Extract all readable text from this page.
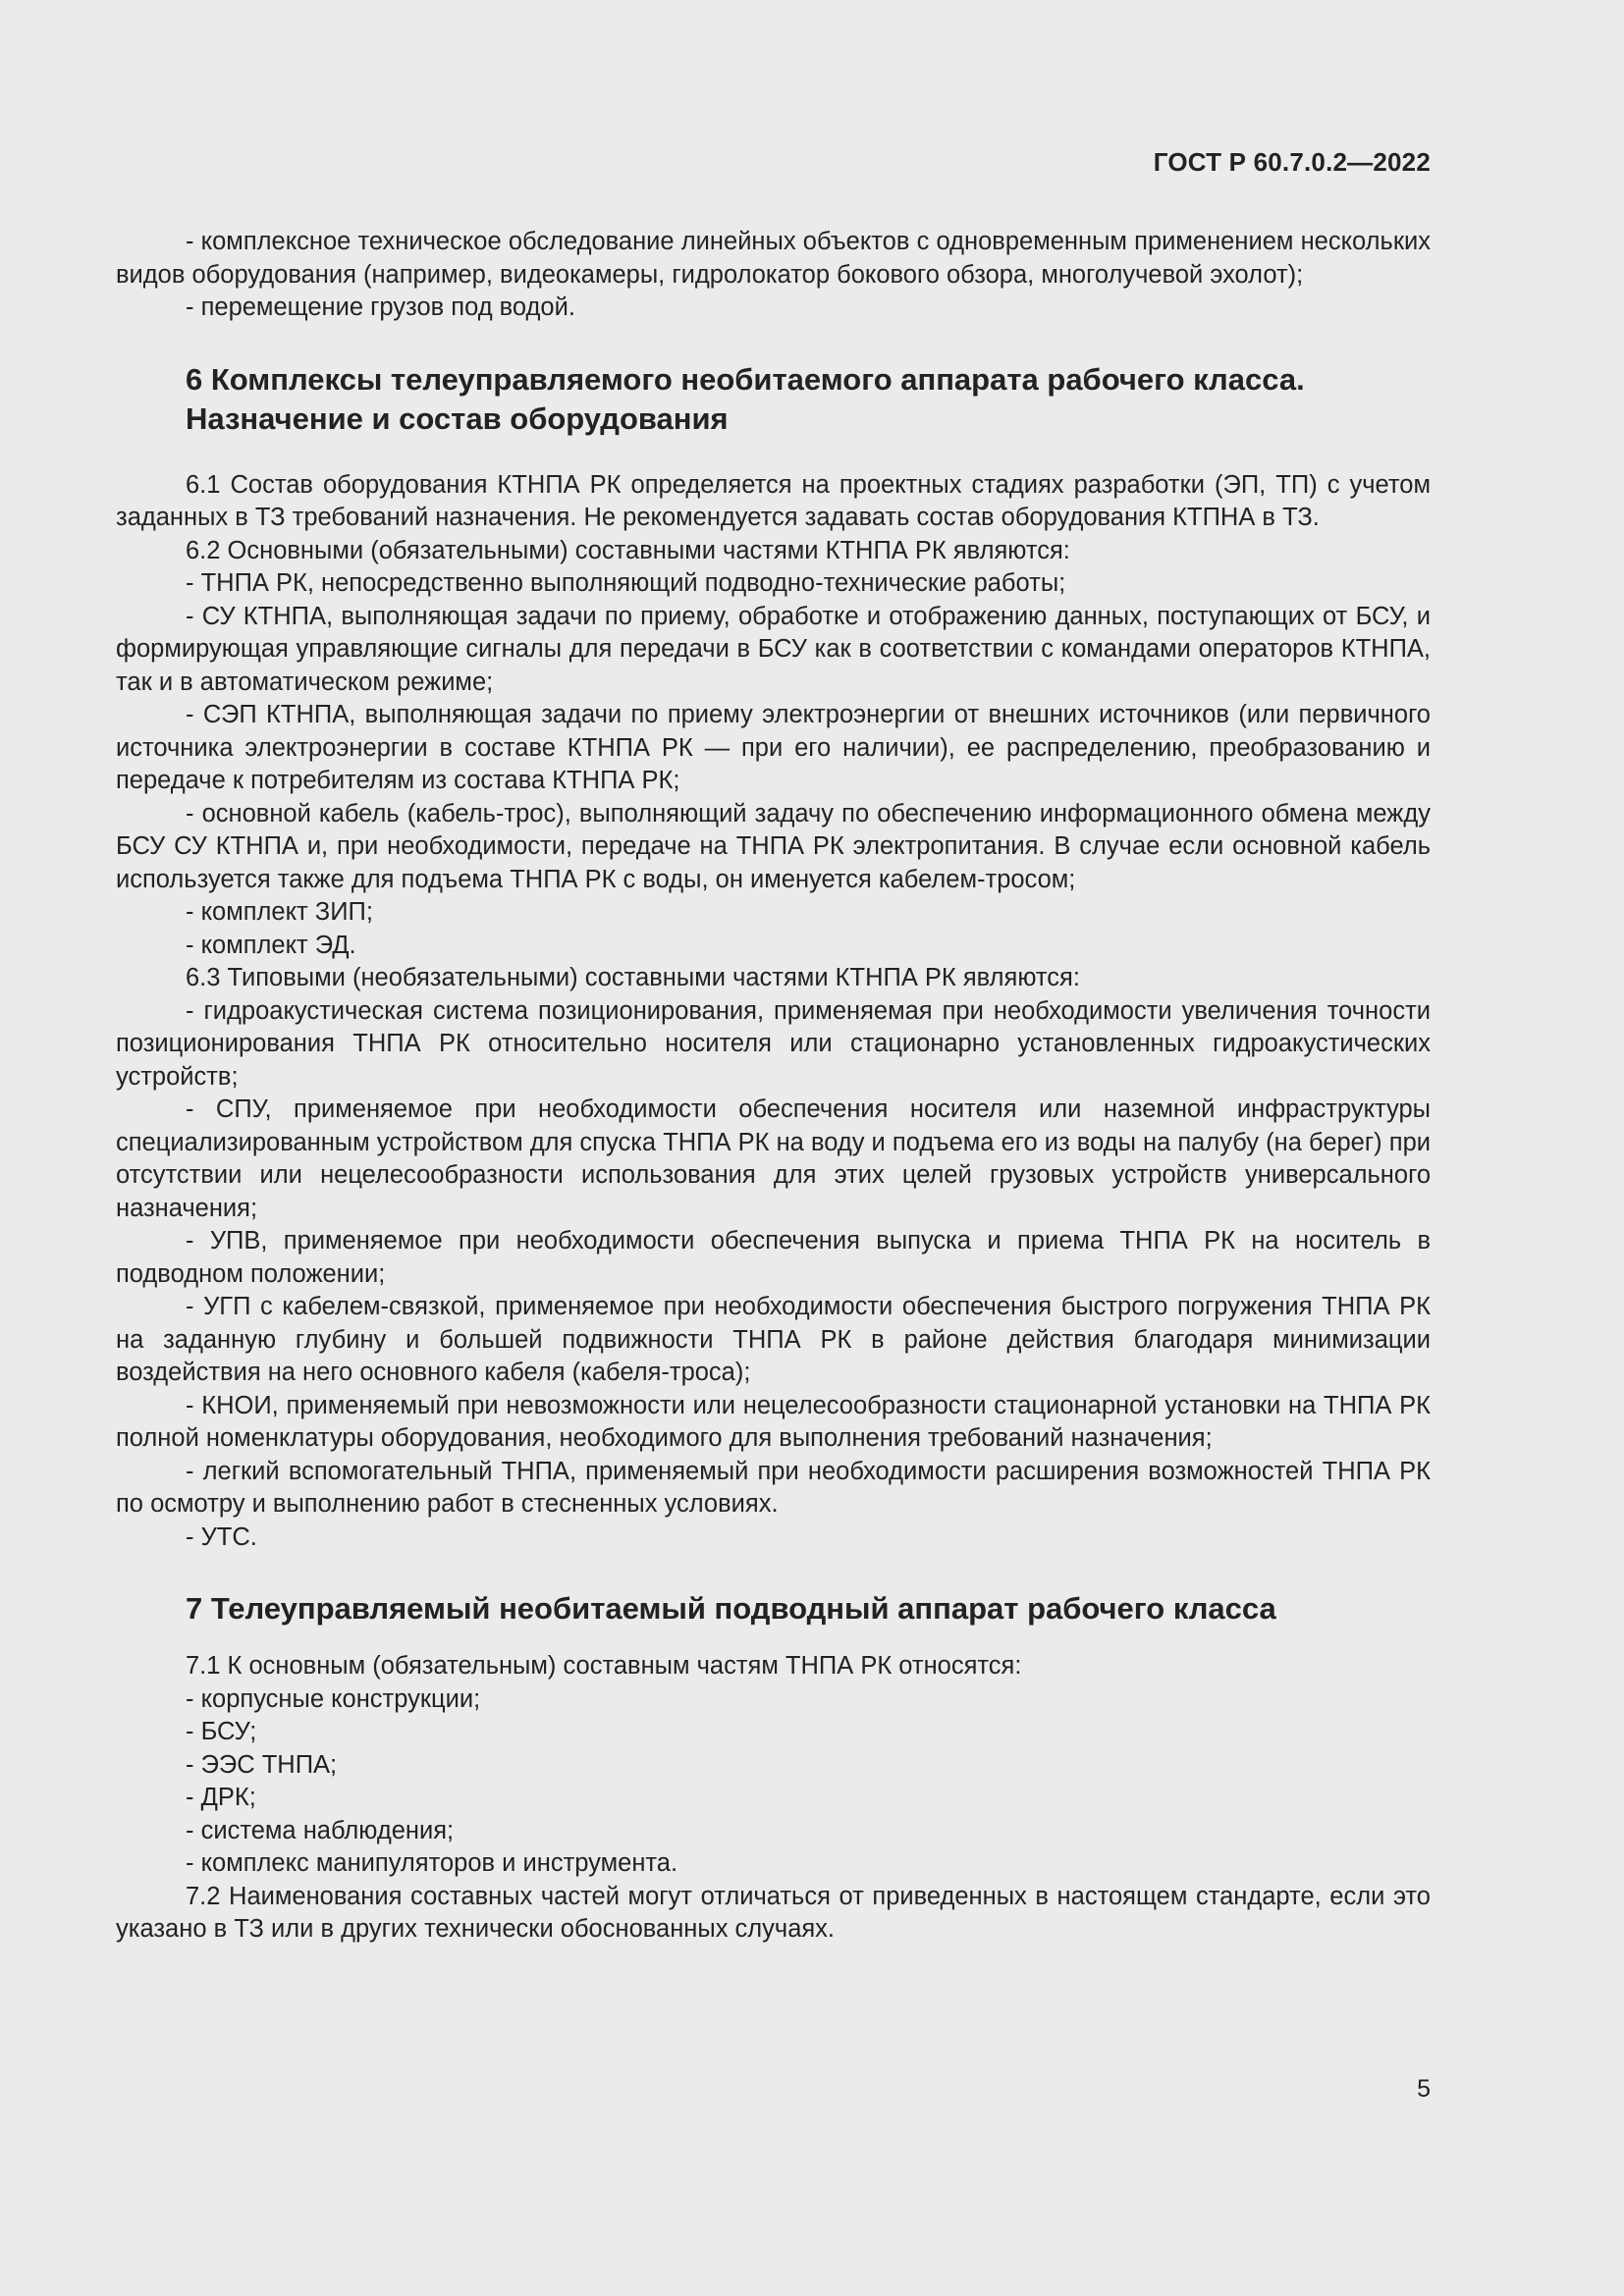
ГОСТ Р 60.7.0.2—2022

- комплексное техническое обследование линейных объектов с одновременным применением нескольких видов оборудования (например, видеокамеры, гидролокатор бокового обзора, многолучевой эхолот);

- перемещение грузов под водой.

6 Комплексы телеуправляемого необитаемого аппарата рабочего класса.
Назначение и состав оборудования

6.1 Состав оборудования КТНПА РК определяется на проектных стадиях разработки (ЭП, ТП) с учетом заданных в ТЗ требований назначения. Не рекомендуется задавать состав оборудования КТПНА в ТЗ.

6.2 Основными (обязательными) составными частями КТНПА РК являются:

- ТНПА РК, непосредственно выполняющий подводно-технические работы;

- СУ КТНПА, выполняющая задачи по приему, обработке и отображению данных, поступающих от БСУ, и формирующая управляющие сигналы для передачи в БСУ как в соответствии с командами операторов КТНПА, так и в автоматическом режиме;

- СЭП КТНПА, выполняющая задачи по приему электроэнергии от внешних источников (или первичного источника электроэнергии в составе КТНПА РК — при его наличии), ее распределению, преобразованию и передаче к потребителям из состава КТНПА РК;

- основной кабель (кабель-трос), выполняющий задачу по обеспечению информационного обмена между БСУ СУ КТНПА и, при необходимости, передаче на ТНПА РК электропитания. В случае если основной кабель используется также для подъема ТНПА РК с воды, он именуется кабелем-тросом;

- комплект ЗИП;

- комплект ЭД.

6.3 Типовыми (необязательными) составными частями КТНПА РК являются:

- гидроакустическая система позиционирования, применяемая при необходимости увеличения точности позиционирования ТНПА РК относительно носителя или стационарно установленных гидроакустических устройств;

- СПУ, применяемое при необходимости обеспечения носителя или наземной инфраструктуры специализированным устройством для спуска ТНПА РК на воду и подъема его из воды на палубу (на берег) при отсутствии или нецелесообразности использования для этих целей грузовых устройств универсального назначения;

- УПВ, применяемое при необходимости обеспечения выпуска и приема ТНПА РК на носитель в подводном положении;

- УГП с кабелем-связкой, применяемое при необходимости обеспечения быстрого погружения ТНПА РК на заданную глубину и большей подвижности ТНПА РК в районе действия благодаря минимизации воздействия на него основного кабеля (кабеля-троса);

- КНОИ, применяемый при невозможности или нецелесообразности стационарной установки на ТНПА РК полной номенклатуры оборудования, необходимого для выполнения требований назначения;

- легкий вспомогательный ТНПА, применяемый при необходимости расширения возможностей ТНПА РК по осмотру и выполнению работ в стесненных условиях.

- УТС.

7 Телеуправляемый необитаемый подводный аппарат рабочего класса

7.1 К основным (обязательным) составным частям ТНПА РК относятся:

- корпусные конструкции;

- БСУ;

- ЭЭС ТНПА;

- ДРК;

- система наблюдения;

- комплекс манипуляторов и инструмента.

7.2 Наименования составных частей могут отличаться от приведенных в настоящем стандарте, если это указано в ТЗ или в других технически обоснованных случаях.

5
